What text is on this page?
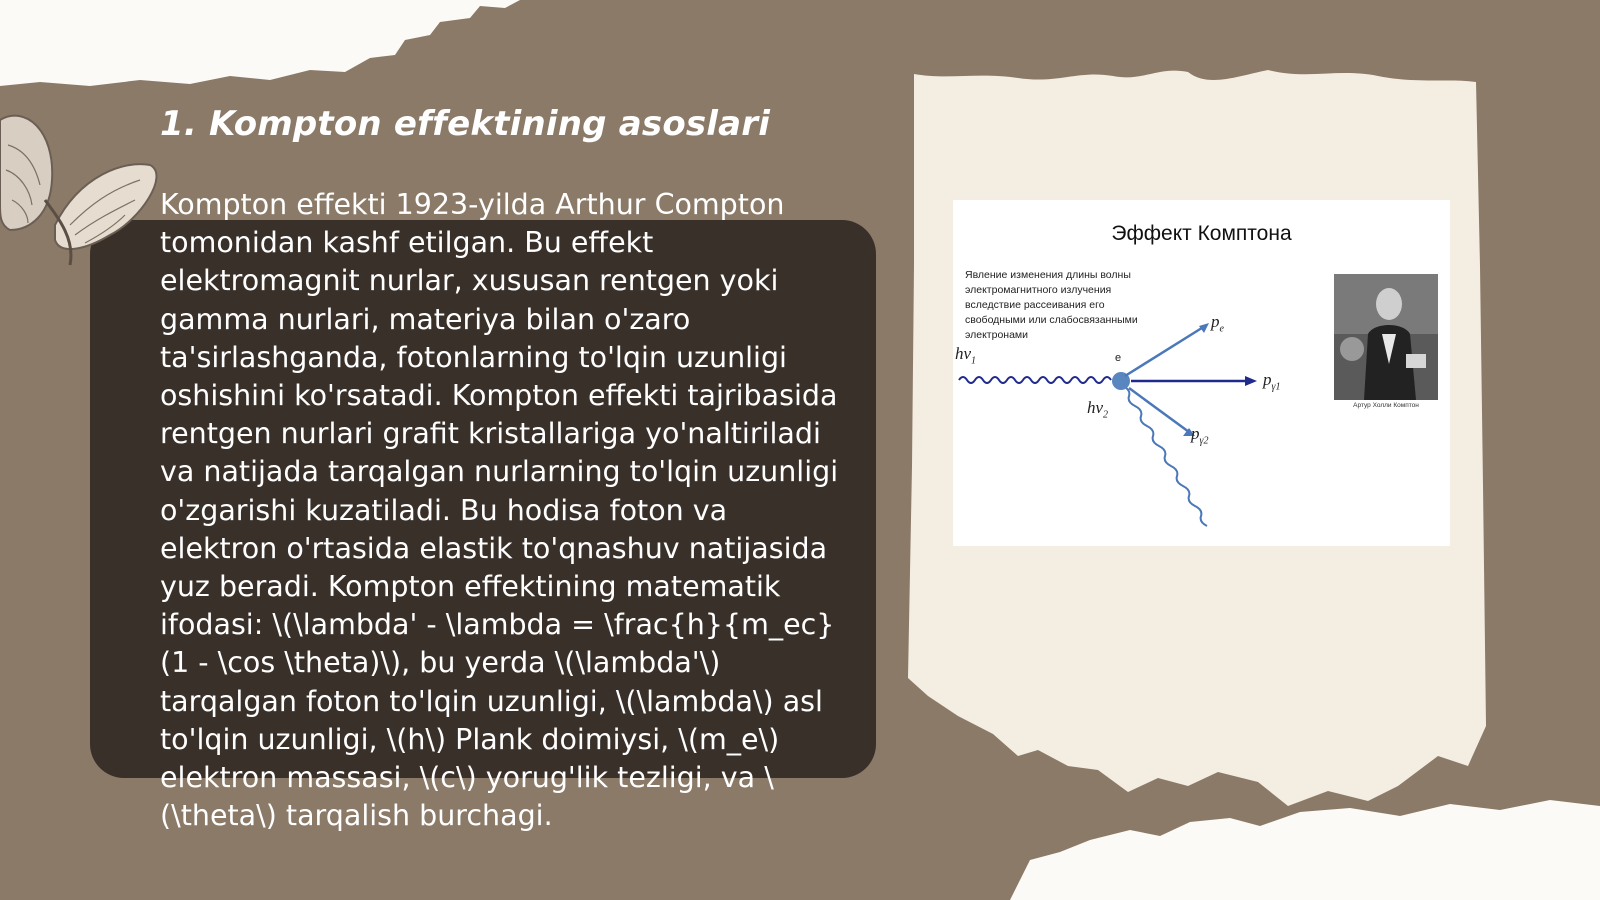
1. Kompton effektining asoslari

Kompton effekti 1923-yilda Arthur Compton tomonidan kashf etilgan. Bu effekt elektromagnit nurlar, xususan rentgen yoki gamma nurlari, materiya bilan o'zaro ta'sirlashganda, fotonlarning to'lqin uzunligi oshishini ko'rsatadi. Kompton effekti tajribasida rentgen nurlari grafit kristallariga yo'naltiriladi va natijada tarqalgan nurlarning to'lqin uzunligi o'zgarishi kuzatiladi. Bu hodisa foton va elektron o'rtasida elastik to'qnashuv natijasida yuz beradi. Kompton effektining matematik ifodasi: \(\lambda' - \lambda = \frac{h}{m_ec} (1 - \cos \theta)\), bu yerda \(\lambda'\) tarqalgan foton to'lqin uzunligi, \(\lambda\) asl to'lqin uzunligi, \(h\) Plank doimiysi, \(m_e\) elektron massasi, \(c\) yorug'lik tezligi, va \(\theta\) tarqalish burchagi.

Эффект Комптона
Явление изменения длины волны электромагнитного излучения вследствие рассеивания его свободными или слабосвязанными электронами
$h\nu_1$	e
$h\nu_2$
$p_e$
$p_{\gamma 1}$
$p_{\gamma 2}$
Артур Холли Комптон
